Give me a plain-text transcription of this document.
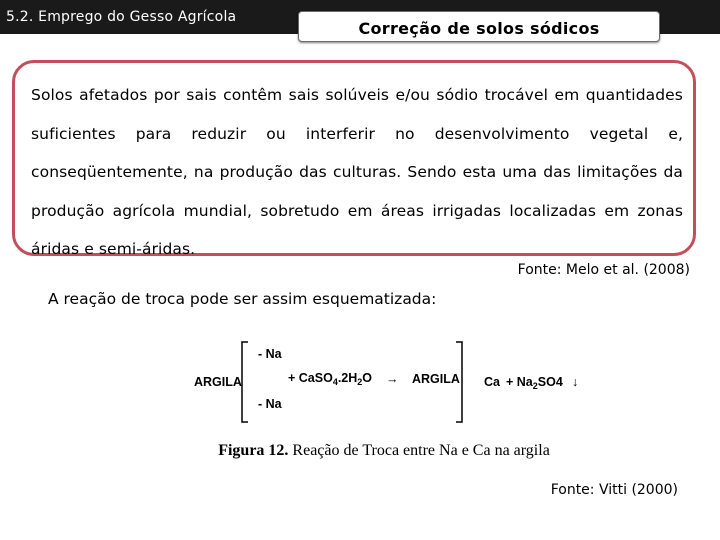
5.2. Emprego do Gesso Agrícola
Correção de solos sódicos
Solos afetados por sais contêm sais solúveis e/ou sódio trocável em quantidades suficientes para reduzir ou interferir no desenvolvimento vegetal e, conseqüentemente, na produção das culturas. Sendo esta uma das limitações da produção agrícola mundial, sobretudo em áreas irrigadas localizadas em zonas áridas e semi-áridas.
Fonte: Melo et al. (2008)
A reação de troca pode ser assim esquematizada:
ARGILA
- Na
- Na
+ $CaSO_4.2H_2O$ → ARGILA $Ca + Na_2SO4$ ↓
Figura 12. Reação de Troca entre Na e Ca na argila
Fonte: Vitti (2000)
